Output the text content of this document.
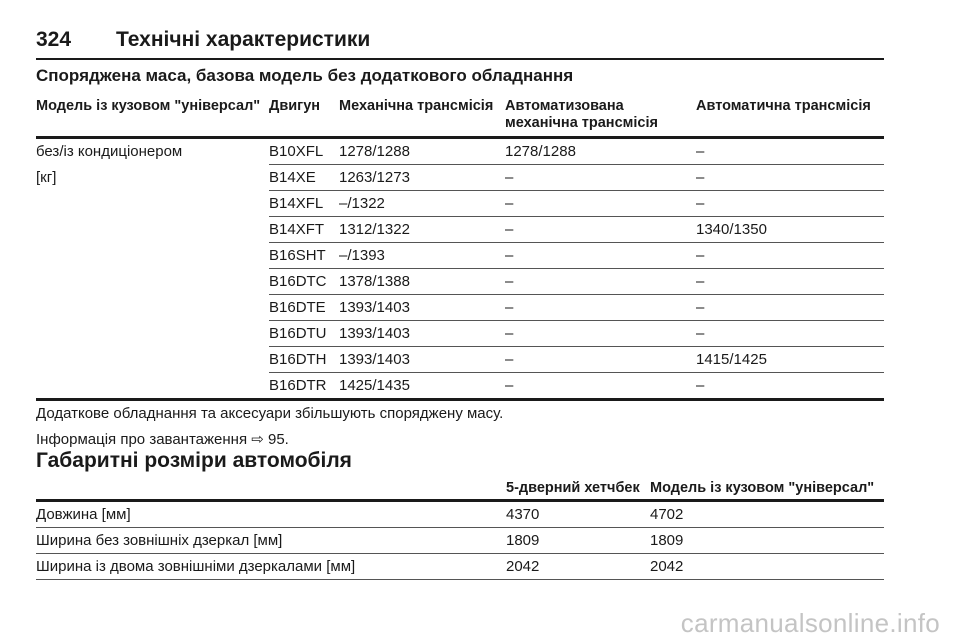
324 Технічні характеристики
Споряджена маса, базова модель без додаткового обладнання
Модель із кузовом "універсал"	Двигун	Механічна трансмісія	Автоматизована механічна трансмісія	Автоматична трансмісія
без/із кондиціонером	B10XFL	1278/1288	1278/1288	–
[кг]	B14XE	1263/1273	–	–
	B14XFL	–/1322	–	–
	B14XFT	1312/1322	–	1340/1350
	B16SHT	–/1393	–	–
	B16DTC	1378/1388	–	–
	B16DTE	1393/1403	–	–
	B16DTU	1393/1403	–	–
	B16DTH	1393/1403	–	1415/1425
	B16DTR	1425/1435	–	–
Додаткове обладнання та аксесуари збільшують споряджену масу.
Інформація про завантаження ⇨ 95.
Габаритні розміри автомобіля
	5-дверний хетчбек	Модель із кузовом "універсал"
Довжина [мм]	4370	4702
Ширина без зовнішніх дзеркал [мм]	1809	1809
Ширина із двома зовнішніми дзеркалами [мм]	2042	2042
carmanualsonline.info
